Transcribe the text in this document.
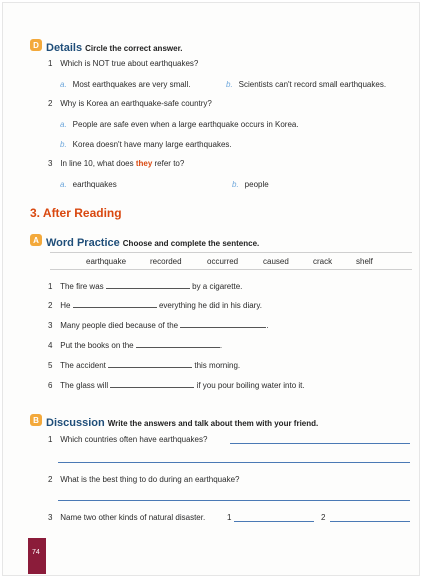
D Details Circle the correct answer.
1 Which is NOT true about earthquakes?
a. Most earthquakes are very small.	b. Scientists can't record small earthquakes.
2 Why is Korea an earthquake-safe country?
a. People are safe even when a large earthquake occurs in Korea.
b. Korea doesn't have many large earthquakes.
3 In line 10, what does they refer to?
a. earthquakes	b. people
3. After Reading
A Word Practice Choose and complete the sentence.
earthquake	recorded	occurred	caused	crack	shelf
1 The fire was	by a cigarette.
2 He	everything he did in his diary.
3 Many people died because of the	.
4 Put the books on the	.
5 The accident	this morning.
6 The glass will	if you pour boiling water into it.
B Discussion Write the answers and talk about them with your friend.
1 Which countries often have earthquakes?
2 What is the best thing to do during an earthquake?
3 Name two other kinds of natural disaster.	1	2
74
